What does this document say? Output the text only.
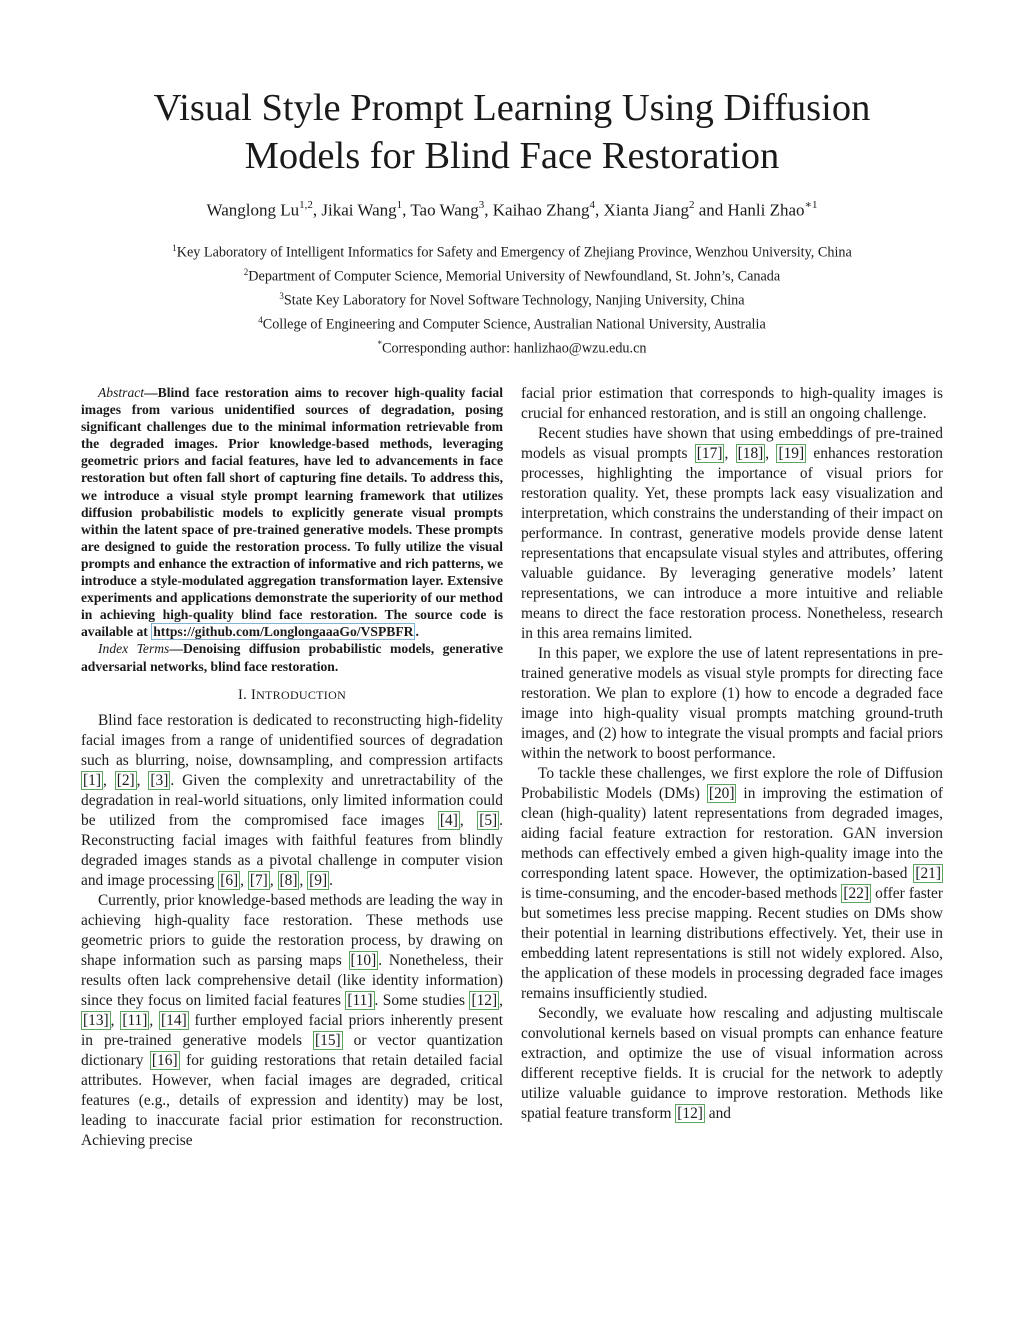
Visual Style Prompt Learning Using Diffusion
Models for Blind Face Restoration
Wanglong Lu$^{1,2}$, Jikai Wang$^1$, Tao Wang$^3$, Kaihao Zhang$^4$, Xianta Jiang$^2$ and Hanli Zhao$^{∗1}$
$^1$Key Laboratory of Intelligent Informatics for Safety and Emergency of Zhejiang Province, Wenzhou University, China
$^2$Department of Computer Science, Memorial University of Newfoundland, St. John’s, Canada
$^3$State Key Laboratory for Novel Software Technology, Nanjing University, China
$^4$College of Engineering and Computer Science, Australian National University, Australia
*Corresponding author: hanlizhao@wzu.edu.cn

Abstract—Blind face restoration aims to recover high-quality facial images from various unidentified sources of degradation, posing significant challenges due to the minimal information retrievable from the degraded images. Prior knowledge-based methods, leveraging geometric priors and facial features, have led to advancements in face restoration but often fall short of capturing fine details. To address this, we introduce a visual style prompt learning framework that utilizes diffusion probabilistic models to explicitly generate visual prompts within the latent space of pre-trained generative models. These prompts are designed to guide the restoration process. To fully utilize the visual prompts and enhance the extraction of informative and rich patterns, we introduce a style-modulated aggregation transformation layer. Extensive experiments and applications demonstrate the superiority of our method in achieving high-quality blind face restoration. The source code is available at https://github.com/LonglongaaaGo/VSPBFR .

Index Terms—Denoising diffusion probabilistic models, generative adversarial networks, blind face restoration.

I. INTRODUCTION

Blind face restoration is dedicated to reconstructing high-fidelity facial images from a range of unidentified sources of degradation such as blurring, noise, downsampling, and compression artifacts [1] , [2] , [3] . Given the complexity and unretractability of the degradation in real-world situations, only limited information could be utilized from the compromised face images [4] , [5] . Reconstructing facial images with faithful features from blindly degraded images stands as a pivotal challenge in computer vision and image processing [6] , [7] , [8] , [9] .

Currently, prior knowledge-based methods are leading the way in achieving high-quality face restoration. These methods use geometric priors to guide the restoration process, by drawing on shape information such as parsing maps [10] . Nonetheless, their results often lack comprehensive detail (like identity information) since they focus on limited facial features [11] . Some studies [12] , [13] , [11] , [14] further employed facial priors inherently present in pre-trained generative models [15] or vector quantization dictionary [16] for guiding restorations that retain detailed facial attributes. However, when facial images are degraded, critical features (e.g., details of expression and identity) may be lost, leading to inaccurate facial prior estimation for reconstruction. Achieving precise

facial prior estimation that corresponds to high-quality images is crucial for enhanced restoration, and is still an ongoing challenge.

Recent studies have shown that using embeddings of pre-trained models as visual prompts [17] , [18] , [19] enhances restoration processes, highlighting the importance of visual priors for restoration quality. Yet, these prompts lack easy visualization and interpretation, which constrains the understanding of their impact on performance. In contrast, generative models provide dense latent representations that encapsulate visual styles and attributes, offering valuable guidance. By leveraging generative models’ latent representations, we can introduce a more intuitive and reliable means to direct the face restoration process. Nonetheless, research in this area remains limited.

In this paper, we explore the use of latent representations in pre-trained generative models as visual style prompts for directing face restoration. We plan to explore (1) how to encode a degraded face image into high-quality visual prompts matching ground-truth images, and (2) how to integrate the visual prompts and facial priors within the network to boost performance.

To tackle these challenges, we first explore the role of Diffusion Probabilistic Models (DMs) [20] in improving the estimation of clean (high-quality) latent representations from degraded images, aiding facial feature extraction for restoration. GAN inversion methods can effectively embed a given high-quality image into the corresponding latent space. However, the optimization-based [21] is time-consuming, and the encoder-based methods [22] offer faster but sometimes less precise mapping. Recent studies on DMs show their potential in learning distributions effectively. Yet, their use in embedding latent representations is still not widely explored. Also, the application of these models in processing degraded face images remains insufficiently studied.

Secondly, we evaluate how rescaling and adjusting multiscale convolutional kernels based on visual prompts can enhance feature extraction, and optimize the use of visual information across different receptive fields. It is crucial for the network to adeptly utilize valuable guidance to improve restoration. Methods like spatial feature transform [12] and
